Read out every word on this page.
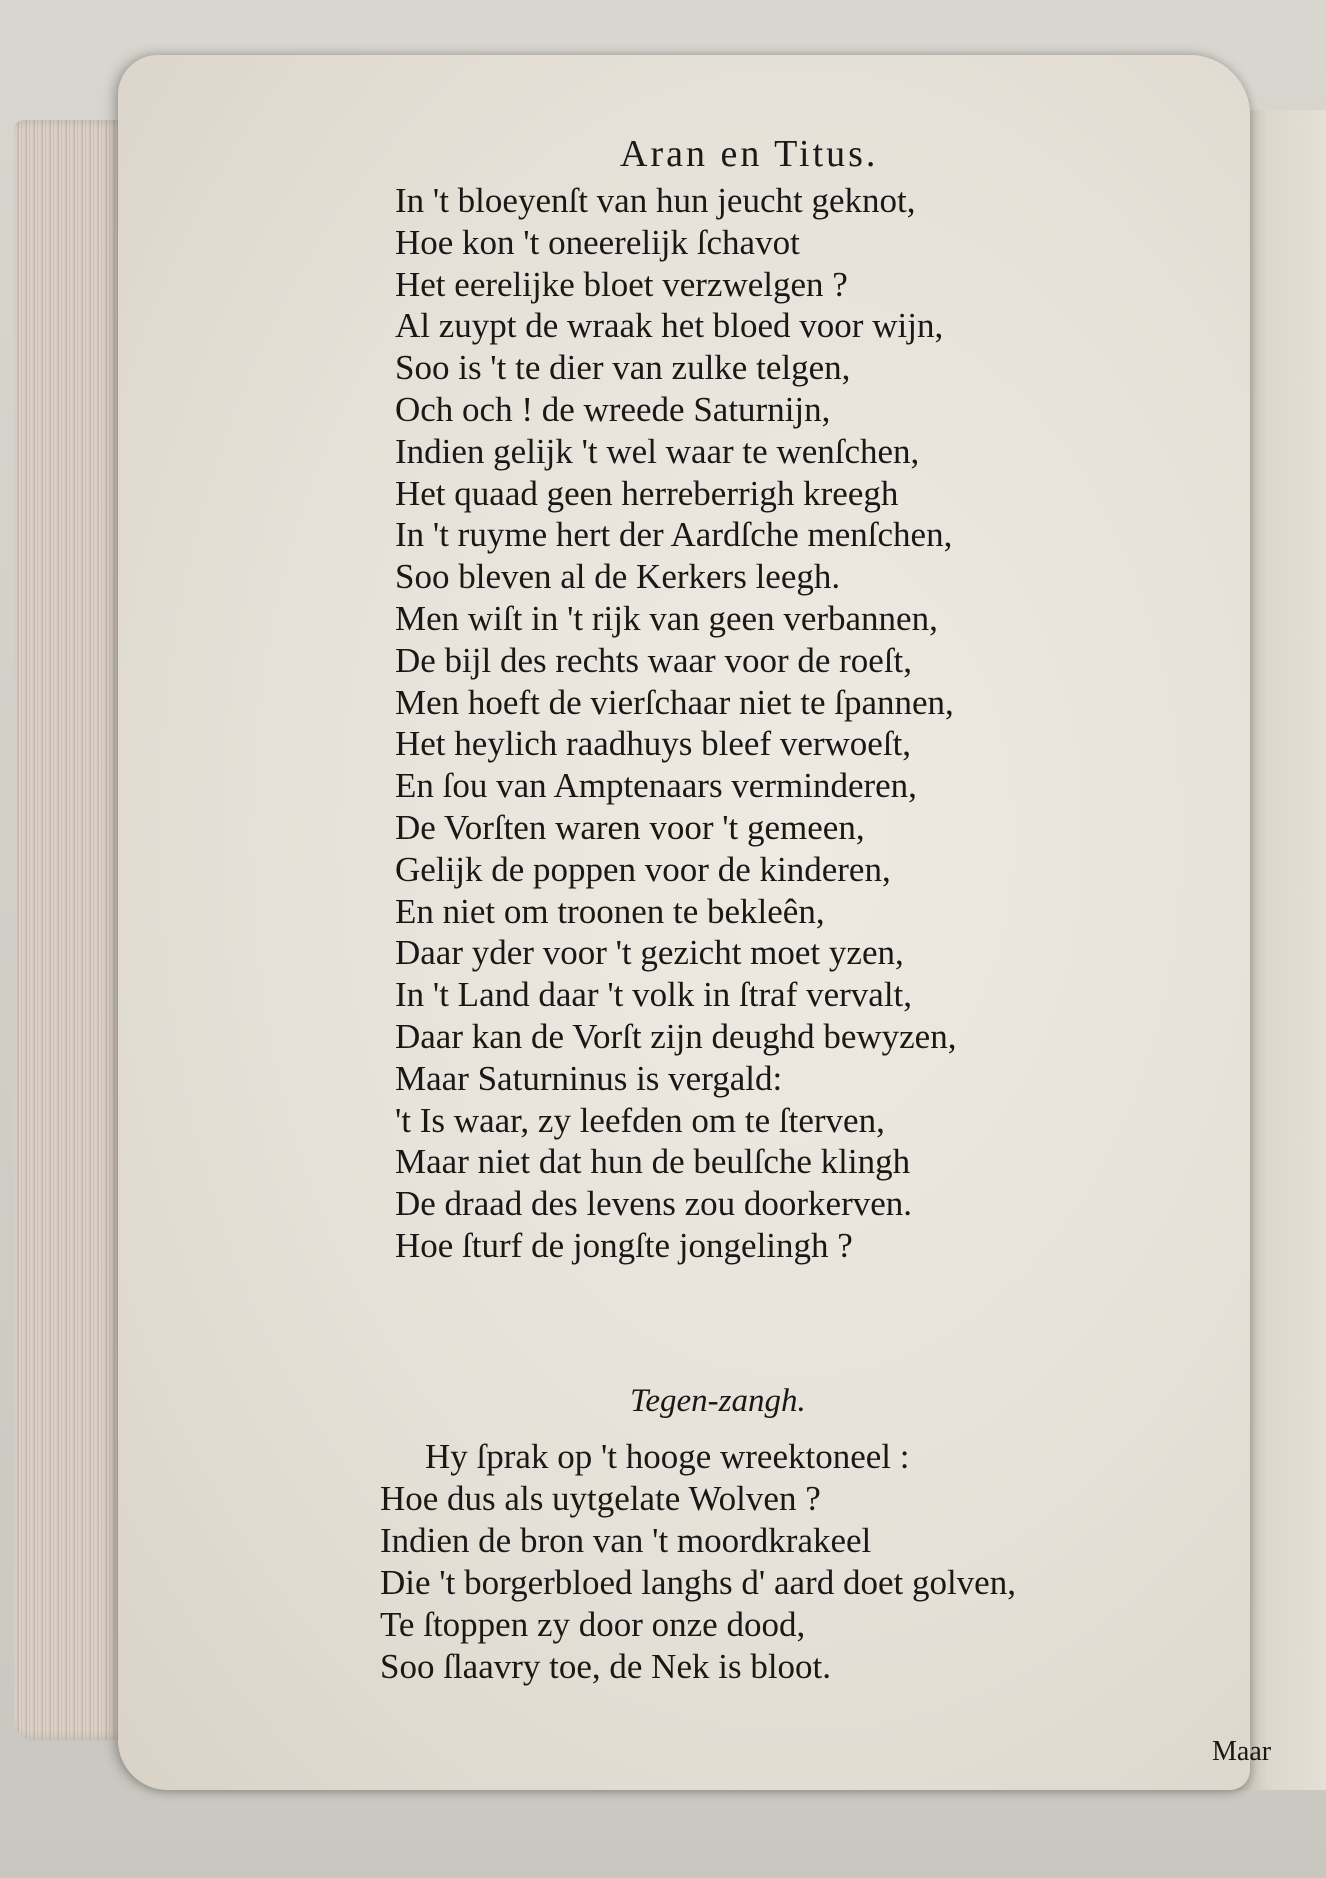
Aran en Titus.
In 't bloeyenſt van hun jeucht geknot,
Hoe kon 't oneerelijk ſchavot
Het eerelijke bloet verzwelgen ?
Al zuypt de wraak het bloed voor wijn,
Soo is 't te dier van zulke telgen,
Och och ! de wreede Saturnijn,
Indien gelijk 't wel waar te wenſchen,
Het quaad geen herreberrigh kreegh
In 't ruyme hert der Aardſche menſchen,
Soo bleven al de Kerkers leegh.
Men wiſt in 't rijk van geen verbannen,
De bijl des rechts waar voor de roeſt,
Men hoeft de vierſchaar niet te ſpannen,
Het heylich raadhuys bleef verwoeſt,
En ſou van Amptenaars verminderen,
De Vorſten waren voor 't gemeen,
Gelijk de poppen voor de kinderen,
En niet om troonen te bekleên,
Daar yder voor 't gezicht moet yzen,
In 't Land daar 't volk in ſtraf vervalt,
Daar kan de Vorſt zijn deughd bewyzen,
Maar Saturninus is vergald:
't Is waar, zy leefden om te ſterven,
Maar niet dat hun de beulſche klingh
De draad des levens zou doorkerven.
Hoe ſturf de jongſte jongelingh ?
Tegen-zangh.
Hy ſprak op 't hooge wreektoneel :
Hoe dus als uytgelate Wolven ?
Indien de bron van 't moordkrakeel
Die 't borgerbloed langhs d' aard doet golven,
Te ſtoppen zy door onze dood,
Soo ſlaavry toe, de Nek is bloot.
Maar
